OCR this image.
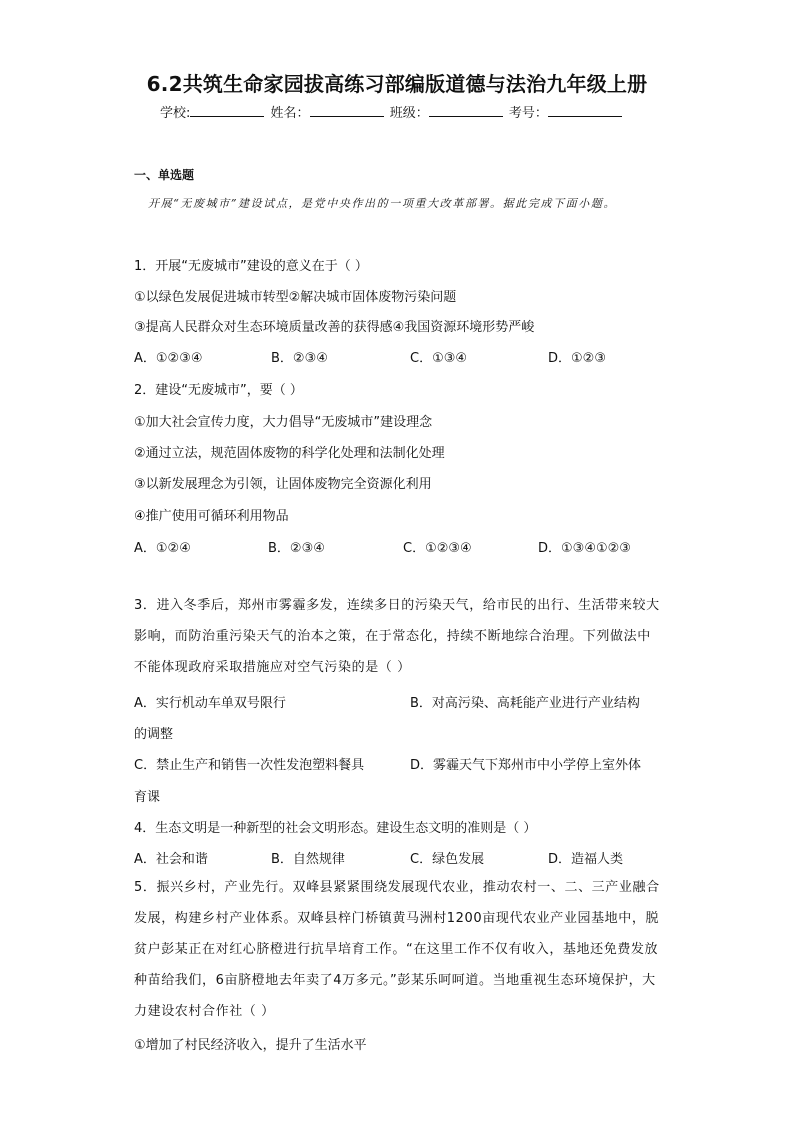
6.2共筑生命家园拔高练习部编版道德与法治九年级上册
学校:	姓名：	班级：	考号：
一、单选题
开展“无废城市”建设试点，是党中央作出的一项重大改革部署。据此完成下面小题。
1．开展“无废城市”建设的意义在于（ ）
①以绿色发展促进城市转型②解决城市固体废物污染问题
③提高人民群众对生态环境质量改善的获得感④我国资源环境形势严峻
A．①②③④	B．②③④	C．①③④	D．①②③
2．建设“无废城市”，要（ ）
①加大社会宣传力度，大力倡导“无废城市”建设理念
②通过立法，规范固体废物的科学化处理和法制化处理
③以新发展理念为引领，让固体废物完全资源化利用
④推广使用可循环利用物品
A．①②④	B．②③④	C．①②③④	D．①③④①②③
3．进入冬季后，郑州市雾霾多发，连续多日的污染天气，给市民的出行、生活带来较大影响，而防治重污染天气的治本之策，在于常态化，持续不断地综合治理。下列做法中不能体现政府采取措施应对空气污染的是（ ）
A．实行机动车单双号限行	B．对高污染、高耗能产业进行产业结构
的调整
C．禁止生产和销售一次性发泡塑料餐具	D．雾霾天气下郑州市中小学停上室外体
育课
4．生态文明是一种新型的社会文明形态。建设生态文明的准则是（ ）
A．社会和谐	B．自然规律	C．绿色发展	D．造福人类
5．振兴乡村，产业先行。双峰县紧紧围绕发展现代农业，推动农村一、二、三产业融合发展，构建乡村产业体系。双峰县梓门桥镇黄马洲村1200亩现代农业产业园基地中，脱贫户彭某正在对红心脐橙进行抗旱培育工作。“在这里工作不仅有收入，基地还免费发放种苗给我们，6亩脐橙地去年卖了4万多元。”彭某乐呵呵道。当地重视生态环境保护，大力建设农村合作社（ ）
①增加了村民经济收入，提升了生活水平
